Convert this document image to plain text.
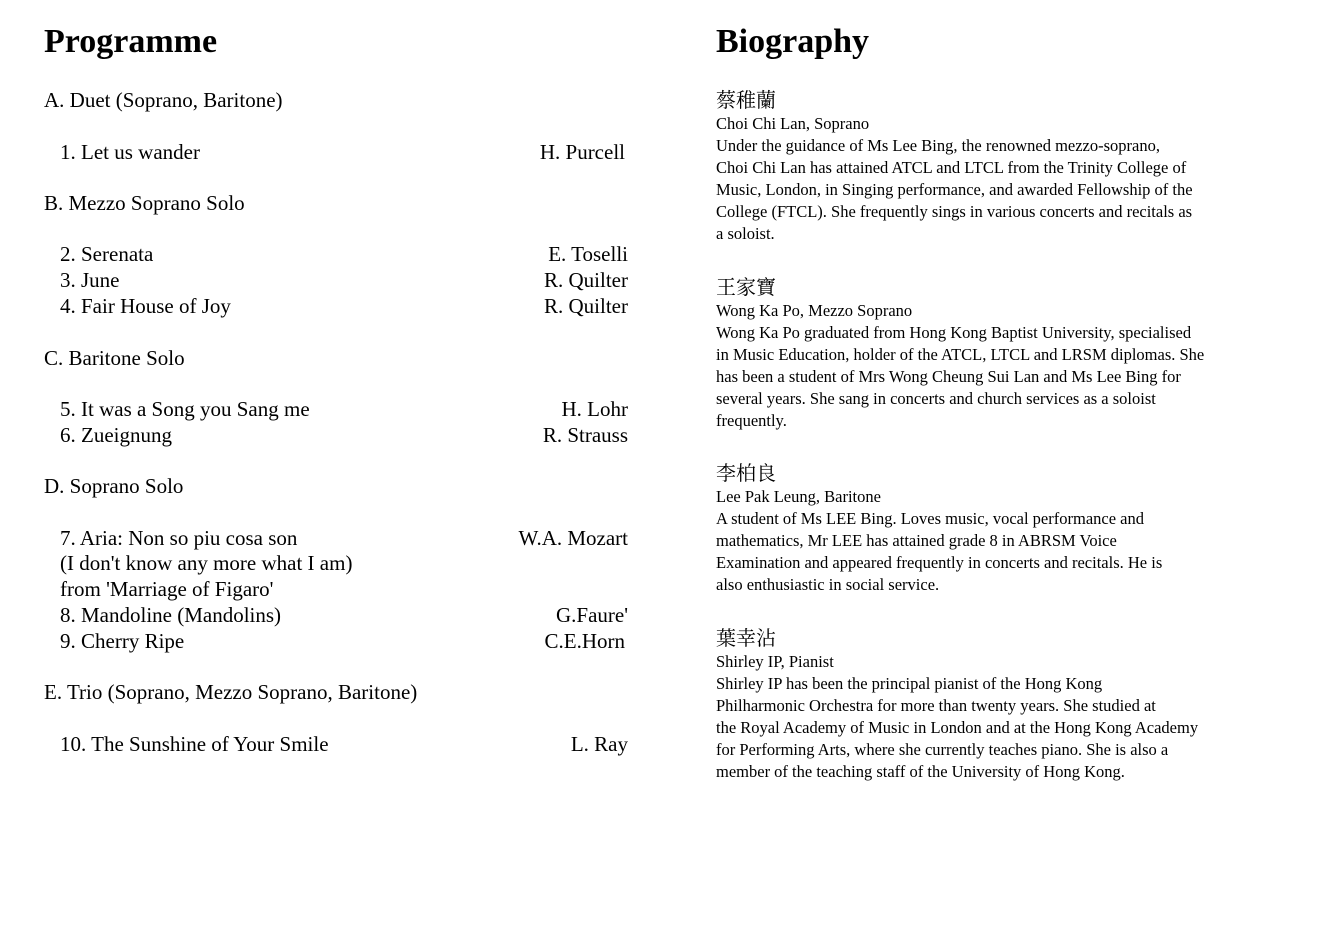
Programme
A. Duet (Soprano, Baritone)
1. Let us wander	H. Purcell
B. Mezzo Soprano Solo
2. Serenata	E. Toselli
3. June	R. Quilter
4. Fair House of Joy	R. Quilter
C. Baritone Solo
5. It was a Song you Sang me	H. Lohr
6. Zueignung	R. Strauss
D. Soprano Solo
7. Aria: Non so piu cosa son	W.A. Mozart
(I don't know any more what I am)
from 'Marriage of Figaro'
8. Mandoline (Mandolins)	G.Faure'
9. Cherry Ripe	C.E.Horn
E. Trio (Soprano, Mezzo Soprano, Baritone)
10. The Sunshine of Your Smile	L. Ray
Biography
蔡稚蘭
Choi Chi Lan, Soprano
Under the guidance of Ms Lee Bing, the renowned mezzo-soprano,
Choi Chi Lan has attained ATCL and LTCL from the Trinity College of
Music, London, in Singing performance, and awarded Fellowship of the
College (FTCL). She frequently sings in various concerts and recitals as
a soloist.
王家寶
Wong Ka Po, Mezzo Soprano
Wong Ka Po graduated from Hong Kong Baptist University, specialised
in Music Education, holder of the ATCL, LTCL and LRSM diplomas. She
has been a student of Mrs Wong Cheung Sui Lan and Ms Lee Bing for
several years. She sang in concerts and church services as a soloist
frequently.
李柏良
Lee Pak Leung, Baritone
A student of Ms LEE Bing. Loves music, vocal performance and
mathematics, Mr LEE has attained grade 8 in ABRSM Voice
Examination and appeared frequently in concerts and recitals. He is
also enthusiastic in social service.
葉幸沾
Shirley IP, Pianist
Shirley IP has been the principal pianist of the Hong Kong
Philharmonic Orchestra for more than twenty years. She studied at
the Royal Academy of Music in London and at the Hong Kong Academy
for Performing Arts, where she currently teaches piano. She is also a
member of the teaching staff of the University of Hong Kong.
